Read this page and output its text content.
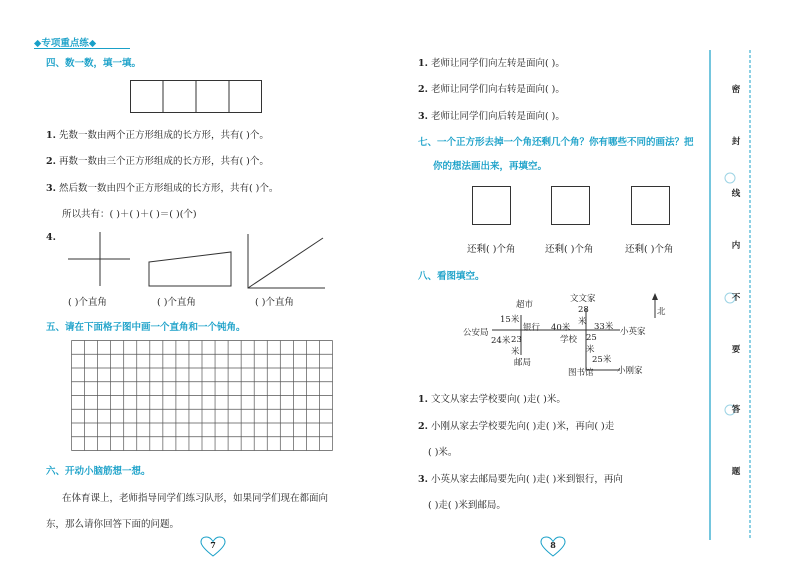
◆专项重点练◆
四、数一数，填一填。
1. 先数一数由两个正方形组成的长方形，共有( )个。
2. 再数一数由三个正方形组成的长方形，共有( )个。
3. 然后数一数由四个正方形组成的长方形，共有( )个。
所以共有：( )＋( )＋( )＝( )(个)
4.
( )个直角	( )个直角	( )个直角
五、请在下面格子图中画一个直角和一个钝角。
六、开动小脑筋想一想。
在体育课上，老师指导同学们练习队形，如果同学们现在都面向
东，那么请你回答下面的问题。
7
1. 老师让同学们向左转是面向( )。
2. 老师让同学们向右转是面向( )。
3. 老师让同学们向后转是面向( )。
七、一个正方形去掉一个角还剩几个角？你有哪些不同的画法？把
你的想法画出来，再填空。
还剩( )个角	还剩( )个角	还剩( )个角
八、看图填空。
北
超市
文文家
15米
28
米
银行 40米	33米 小英家
公安局
24米 23
米
学校 25
米
25米
邮局
小刚家
图书馆
1. 文文从家去学校要向( )走( )米。
2. 小刚从家去学校要先向( )走( )米，再向( )走
( )米。
3. 小英从家去邮局要先向( )走( )米到银行，再向
( )走( )米到邮局。
8
密
封
线
内
不
要
答
题
